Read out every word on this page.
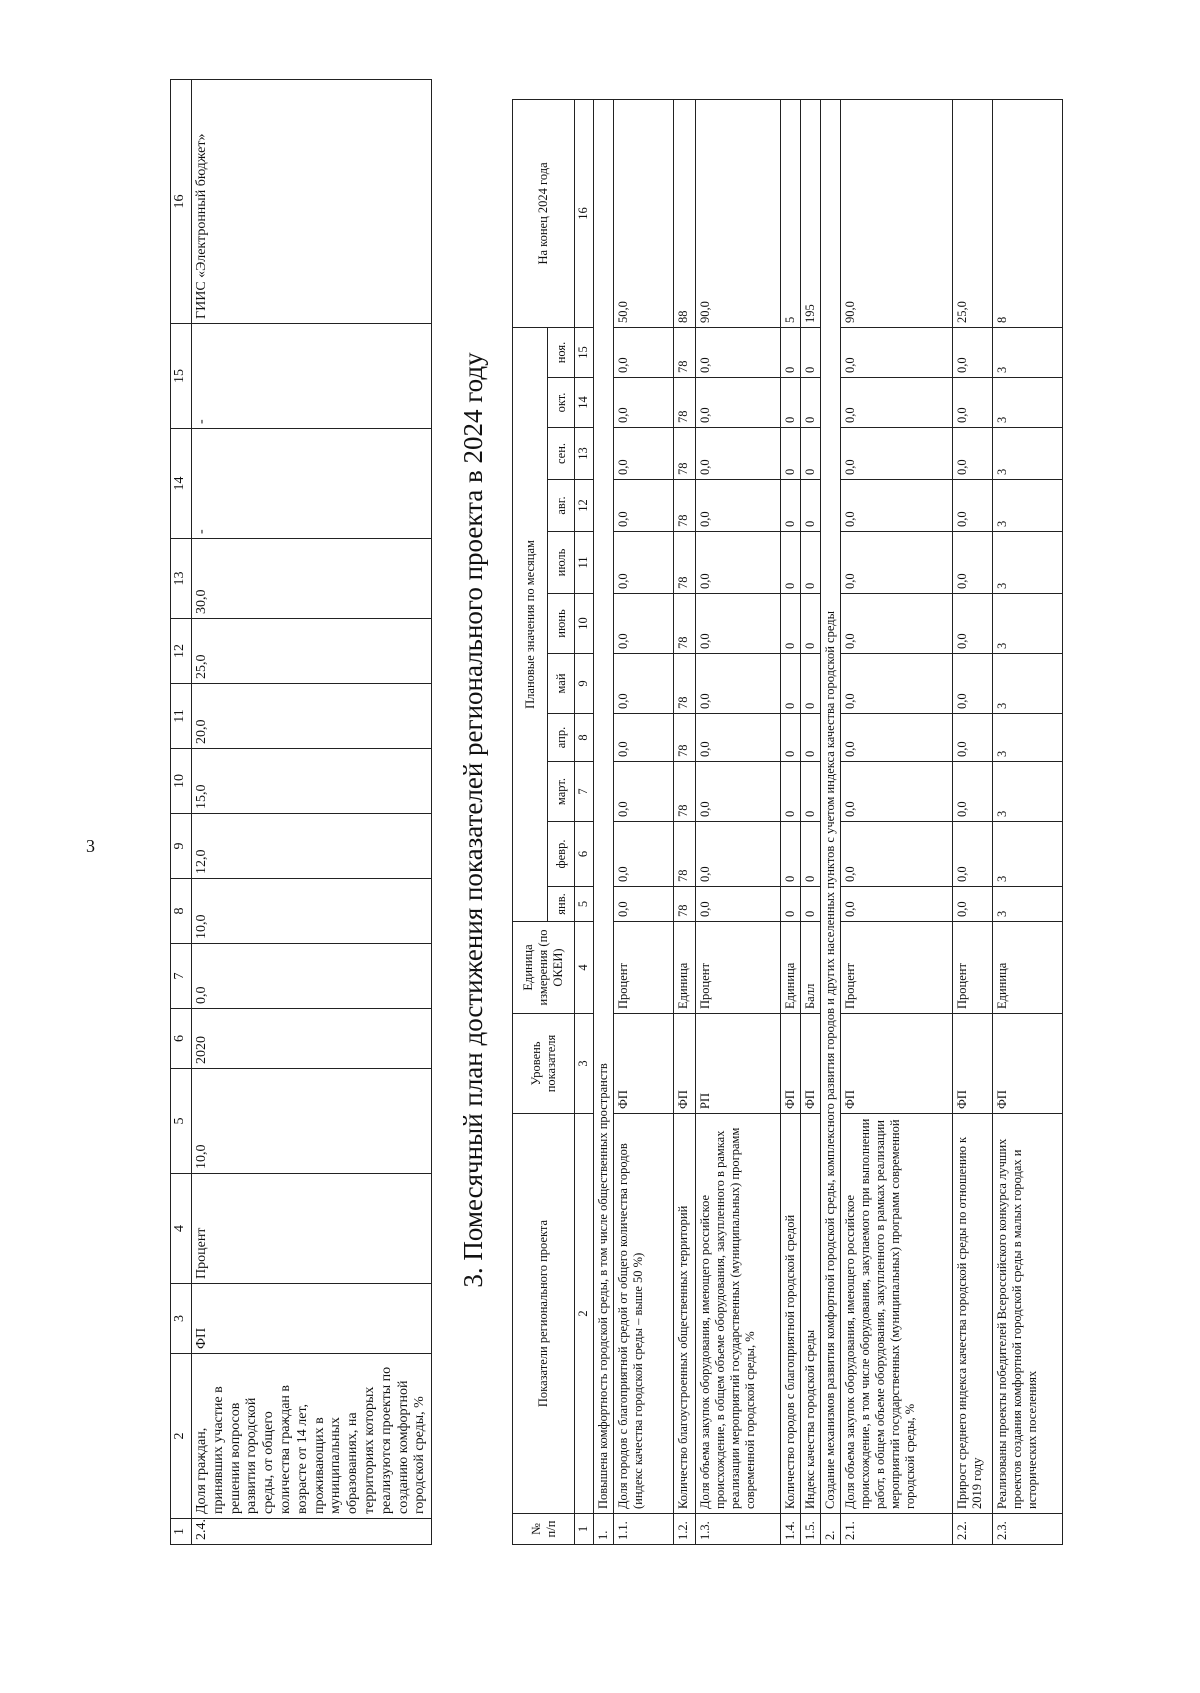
3
1	2	3	4	5	6	7	8	9	10	11	12	13	14	15	16
2.4.	Доля граждан, принявших участие в решении вопросов развития городской среды, от общего количества граждан в возрасте от 14 лет, проживающих в муниципальных образованиях, на территориях которых реализуются проекты по созданию комфортной городской среды, %	ФП	Процент	10,0	2020	0,0	10,0	12,0	15,0	20,0	25,0	30,0	-	-	ГИИС «Электронный бюджет»
3. Помесячный план достижения показателей регионального проекта в 2024 году
№ п/п	Показатели регионального проекта	Уровень показателя	Единица измерения (по ОКЕИ)	Плановые значения по месяцам											На конец 2024 года
				янв.	февр.	март.	апр.	май	июнь	июль	авг.	сен.	окт.	ноя.	
1	2	3	4	5	6	7	8	9	10	11	12	13	14	15	16
1.	Повышена комфортность городской среды, в том числе общественных пространств														
1.1.	Доля городов с благоприятной средой от общего количества городов (индекс качества городской среды – выше 50 %)	ФП	Процент	0,0	0,0	0,0	0,0	0,0	0,0	0,0	0,0	0,0	0,0	0,0	50,0
1.2.	Количество благоустроенных общественных территорий	ФП	Единица	78	78	78	78	78	78	78	78	78	78	78	88
1.3.	Доля объема закупок оборудования, имеющего российское происхождение, в общем объеме оборудования, закупленного в рамках реализации мероприятий государственных (муниципальных) программ современной городской среды, %	РП	Процент	0,0	0,0	0,0	0,0	0,0	0,0	0,0	0,0	0,0	0,0	0,0	90,0
1.4.	Количество городов с благоприятной городской средой	ФП	Единица	0	0	0	0	0	0	0	0	0	0	0	5
1.5.	Индекс качества городской среды	ФП	Балл	0	0	0	0	0	0	0	0	0	0	0	195
2.	Создание механизмов развития комфортной городской среды, комплексного развития городов и других населенных пунктов с учетом индекса качества городской среды														
2.1.	Доля объема закупок оборудования, имеющего российское происхождение, в том числе оборудования, закупаемого при выполнении работ, в общем объеме оборудования, закупленного в рамках реализации мероприятий государственных (муниципальных) программ современной городской среды, %	ФП	Процент	0,0	0,0	0,0	0,0	0,0	0,0	0,0	0,0	0,0	0,0	0,0	90,0
2.2.	Прирост среднего индекса качества городской среды по отношению к 2019 году	ФП	Процент	0,0	0,0	0,0	0,0	0,0	0,0	0,0	0,0	0,0	0,0	0,0	25,0
2.3.	Реализованы проекты победителей Всероссийского конкурса лучших проектов создания комфортной городской среды в малых городах и исторических поселениях	ФП	Единица	3	3	3	3	3	3	3	3	3	3	3	8
